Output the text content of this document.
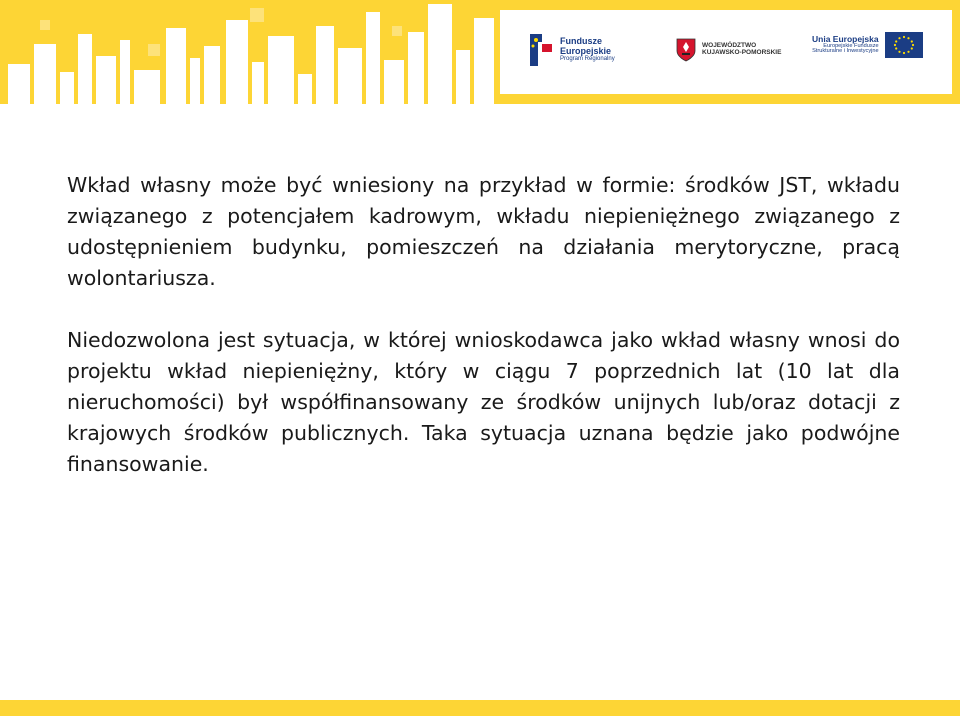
Fundusze
Europejskie
Program Regionalny
WOJEWÓDZTWO
KUJAWSKO-POMORSKIE
Unia Europejska
Europejskie Fundusze
Strukturalne i Inwestycyjne

Wkład własny może być wniesiony na przykład w formie: środków JST, wkładu związanego z potencjałem kadrowym, wkładu niepieniężnego związanego z udostępnieniem budynku, pomieszczeń na działania merytoryczne, pracą wolontariusza.

Niedozwolona jest sytuacja, w której wnioskodawca jako wkład własny wnosi do projektu wkład niepieniężny, który w ciągu 7 poprzednich lat (10 lat dla nieruchomości) był współfinansowany ze środków unijnych lub/oraz dotacji z krajowych środków publicznych. Taka sytuacja uznana będzie jako podwójne finansowanie.
